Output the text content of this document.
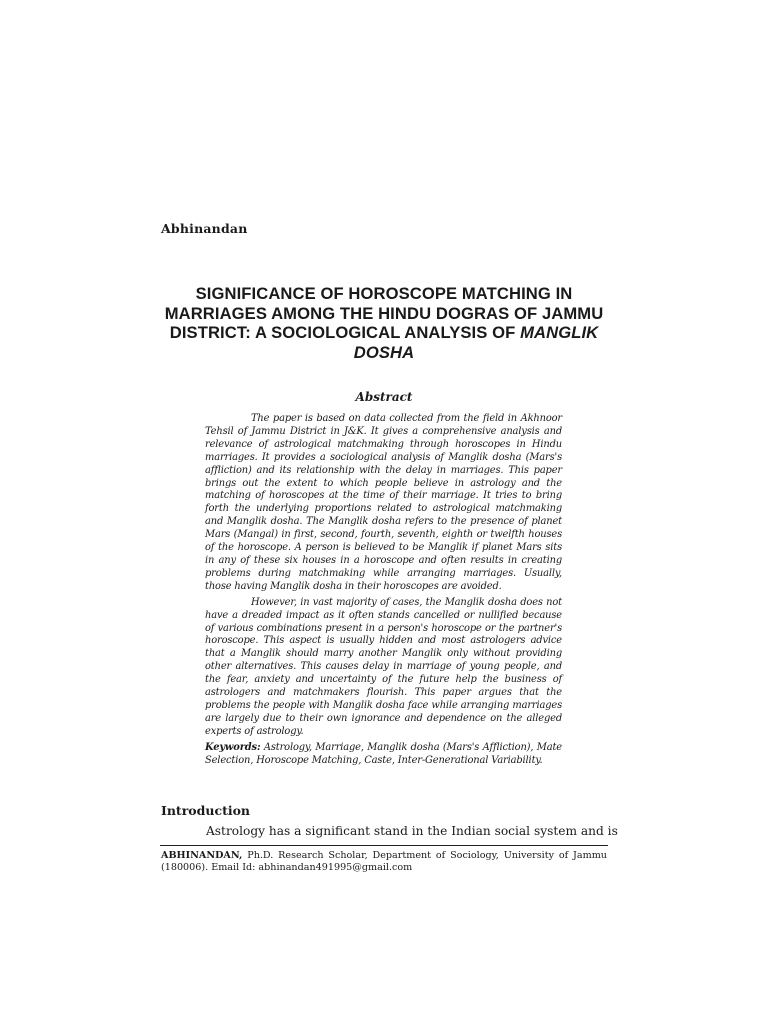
Abhinandan
SIGNIFICANCE OF HOROSCOPE MATCHING IN MARRIAGES AMONG THE HINDU DOGRAS OF JAMMU DISTRICT: A SOCIOLOGICAL ANALYSIS OF MANGLIK DOSHA
Abstract

The paper is based on data collected from the field in Akhnoor Tehsil of Jammu District in J&K. It gives a comprehensive analysis and relevance of astrological matchmaking through horoscopes in Hindu marriages. It provides a sociological analysis of Manglik dosha (Mars's affliction) and its relationship with the delay in marriages. This paper brings out the extent to which people believe in astrology and the matching of horoscopes at the time of their marriage. It tries to bring forth the underlying proportions related to astrological matchmaking and Manglik dosha. The Manglik dosha refers to the presence of planet Mars (Mangal) in first, second, fourth, seventh, eighth or twelfth houses of the horoscope. A person is believed to be Manglik if planet Mars sits in any of these six houses in a horoscope and often results in creating problems during matchmaking while arranging marriages. Usually, those having Manglik dosha in their horoscopes are avoided.

However, in vast majority of cases, the Manglik dosha does not have a dreaded impact as it often stands cancelled or nullified because of various combinations present in a person's horoscope or the partner's horoscope. This aspect is usually hidden and most astrologers advice that a Manglik should marry another Manglik only without providing other alternatives. This causes delay in marriage of young people, and the fear, anxiety and uncertainty of the future help the business of astrologers and matchmakers flourish. This paper argues that the problems the people with Manglik dosha face while arranging marriages are largely due to their own ignorance and dependence on the alleged experts of astrology.

Keywords: Astrology, Marriage, Manglik dosha (Mars's Affliction), Mate Selection, Horoscope Matching, Caste, Inter-Generational Variability.

Introduction
Astrology has a significant stand in the Indian social system and is
ABHINANDAN, Ph.D. Research Scholar, Department of Sociology, University of Jammu (180006). Email Id: abhinandan491995@gmail.com
